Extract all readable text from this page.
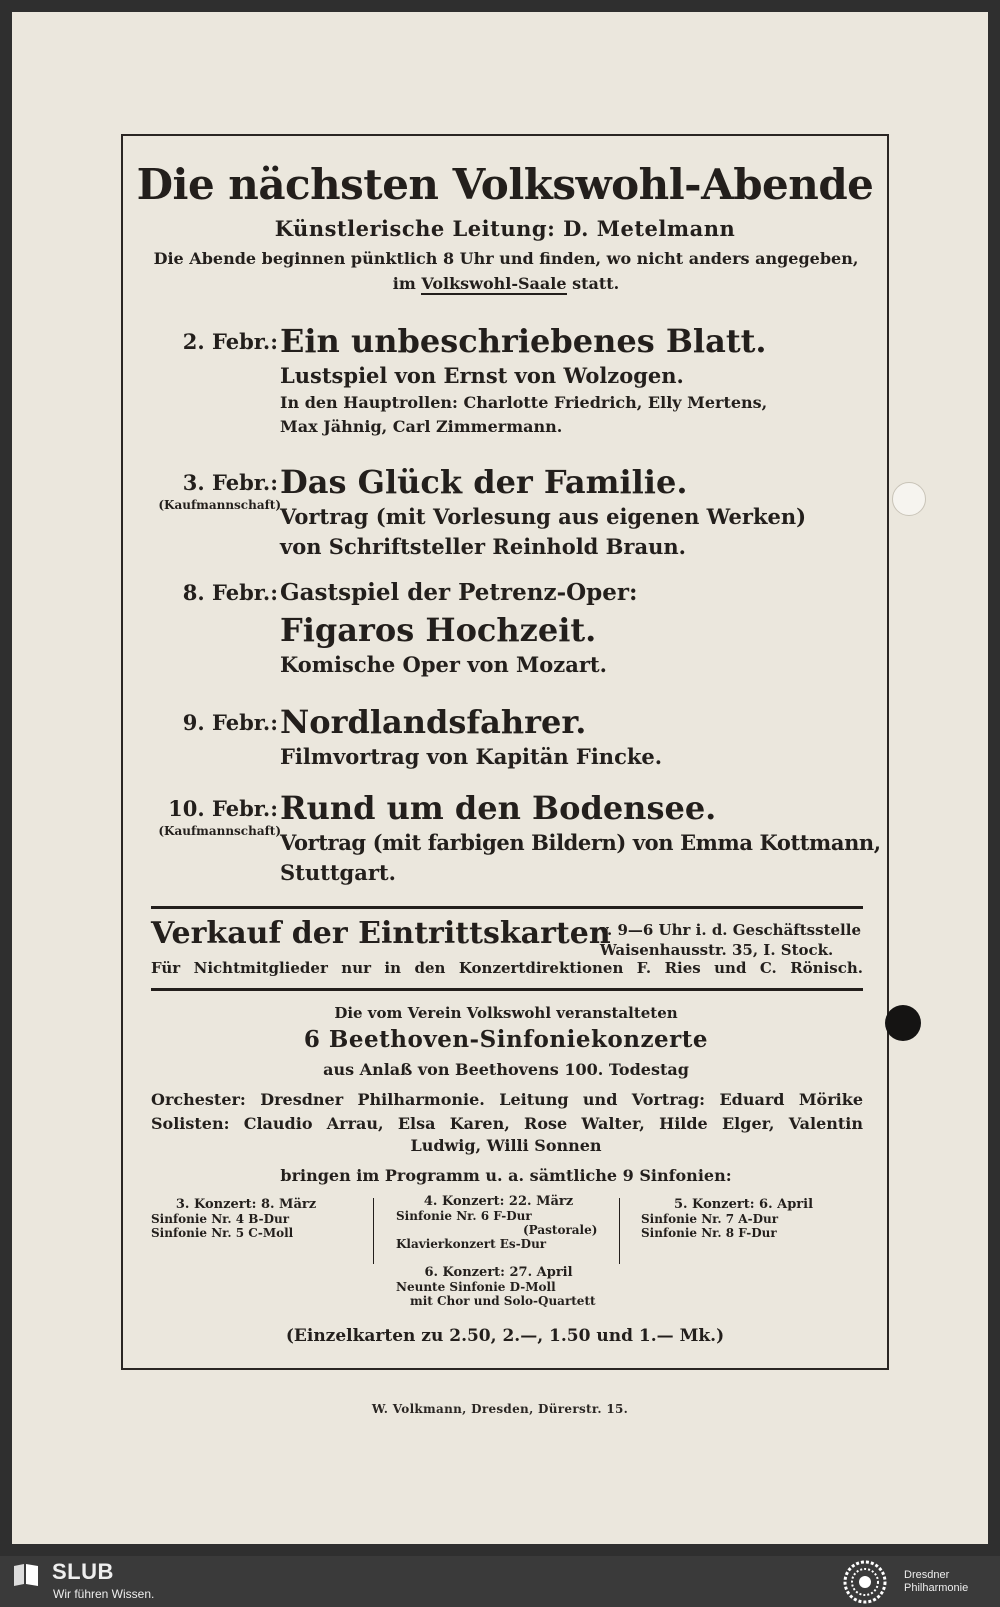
Die nächsten Volkswohl-Abende
Künstlerische Leitung: D. Metelmann
Die Abende beginnen pünktlich 8 Uhr und finden, wo nicht anders angegeben,
im Volkswohl-Saale statt.
2. Febr.: Ein unbeschriebenes Blatt.
Lustspiel von Ernst von Wolzogen.
In den Hauptrollen: Charlotte Friedrich, Elly Mertens,
Max Jähnig, Carl Zimmermann.
3. Febr.:
(Kaufmannschaft)
Das Glück der Familie.
Vortrag (mit Vorlesung aus eigenen Werken)
von Schriftsteller Reinhold Braun.
8. Febr.: Gastspiel der Petrenz-Oper:
Figaros Hochzeit.
Komische Oper von Mozart.
9. Febr.: Nordlandsfahrer.
Filmvortrag von Kapitän Fincke.
10. Febr.:
(Kaufmannschaft)
Rund um den Bodensee.
Vortrag (mit farbigen Bildern) von Emma Kottmann,
Stuttgart.
Verkauf der Eintrittskarten
v. 9—6 Uhr i. d. Geschäftsstelle
Waisenhausstr. 35, I. Stock.
Für Nichtmitglieder nur in den Konzertdirektionen F. Ries und C. Rönisch.
Die vom Verein Volkswohl veranstalteten
6 Beethoven-Sinfoniekonzerte
aus Anlaß von Beethovens 100. Todestag
Orchester: Dresdner Philharmonie. Leitung und Vortrag: Eduard Mörike
Solisten: Claudio Arrau, Elsa Karen, Rose Walter, Hilde Elger, Valentin
Ludwig, Willi Sonnen
bringen im Programm u. a. sämtliche 9 Sinfonien:
3. Konzert: 8. März
Sinfonie Nr. 4 B-Dur
Sinfonie Nr. 5 C-Moll
4. Konzert: 22. März
Sinfonie Nr. 6 F-Dur
(Pastorale)
Klavierkonzert Es-Dur
5. Konzert: 6. April
Sinfonie Nr. 7 A-Dur
Sinfonie Nr. 8 F-Dur
6. Konzert: 27. April
Neunte Sinfonie D-Moll
mit Chor und Solo-Quartett
(Einzelkarten zu 2.50, 2.—, 1.50 und 1.— Mk.)
W. Volkmann, Dresden, Dürerstr. 15.
SLUB
Wir führen Wissen.
Dresdner
Philharmonie
